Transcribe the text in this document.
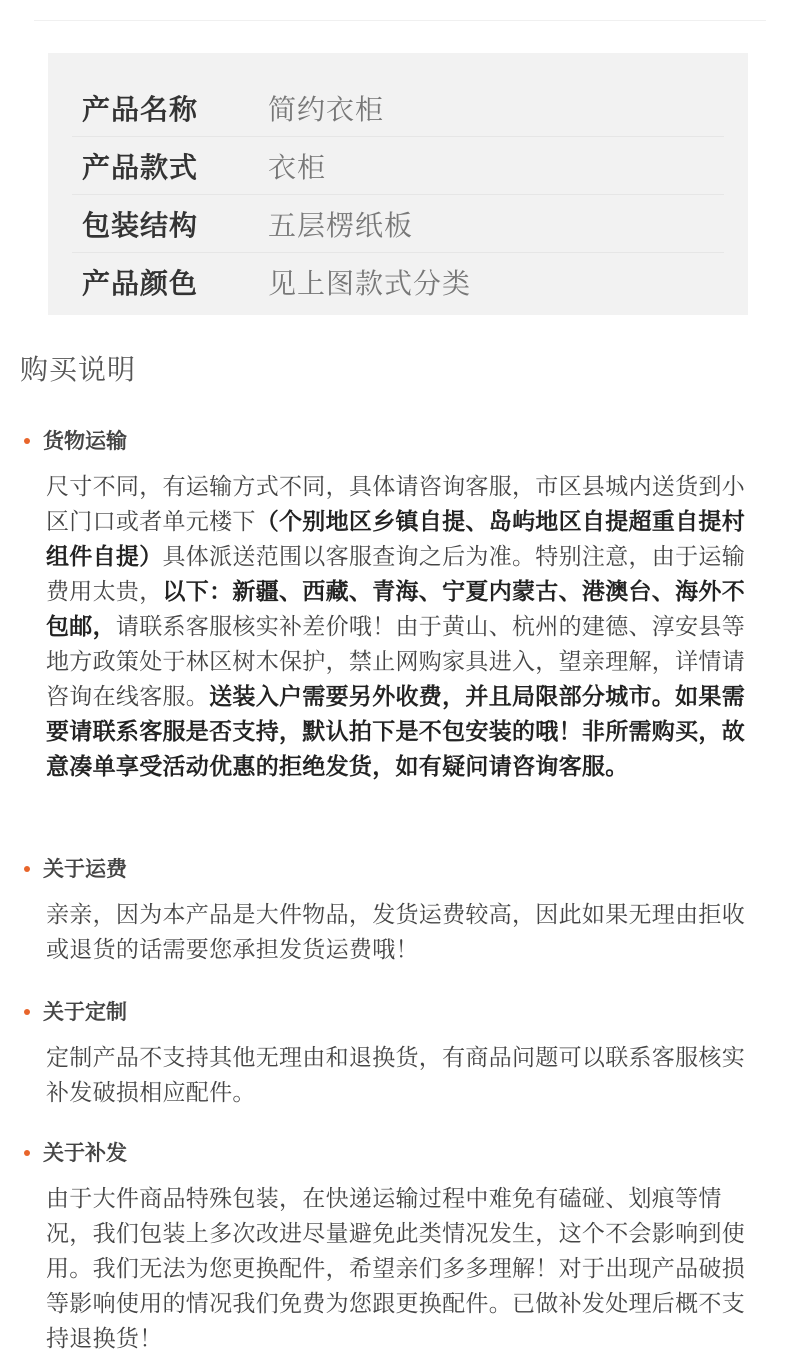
产品名称	简约衣柜
产品款式	衣柜
包装结构	五层楞纸板
产品颜色	见上图款式分类
购买说明
货物运输
尺寸不同，有运输方式不同，具体请咨询客服，市区县城内送货到小区门口或者单元楼下（个别地区乡镇自提、岛屿地区自提超重自提村组件自提）具体派送范围以客服查询之后为准。特别注意，由于运输费用太贵，以下：新疆、西藏、青海、宁夏内蒙古、港澳台、海外不包邮，请联系客服核实补差价哦！由于黄山、杭州的建德、淳安县等地方政策处于林区树木保护，禁止网购家具进入，望亲理解，详情请咨询在线客服。送装入户需要另外收费，并且局限部分城市。如果需要请联系客服是否支持，默认拍下是不包安装的哦！非所需购买，故意凑单享受活动优惠的拒绝发货，如有疑问请咨询客服。
关于运费
亲亲，因为本产品是大件物品，发货运费较高，因此如果无理由拒收或退货的话需要您承担发货运费哦！
关于定制
定制产品不支持其他无理由和退换货，有商品问题可以联系客服核实补发破损相应配件。
关于补发
由于大件商品特殊包装，在快递运输过程中难免有磕碰、划痕等情况，我们包装上多次改进尽量避免此类情况发生，这个不会影响到使用。我们无法为您更换配件，希望亲们多多理解！对于出现产品破损等影响使用的情况我们免费为您跟更换配件。已做补发处理后概不支持退换货！
